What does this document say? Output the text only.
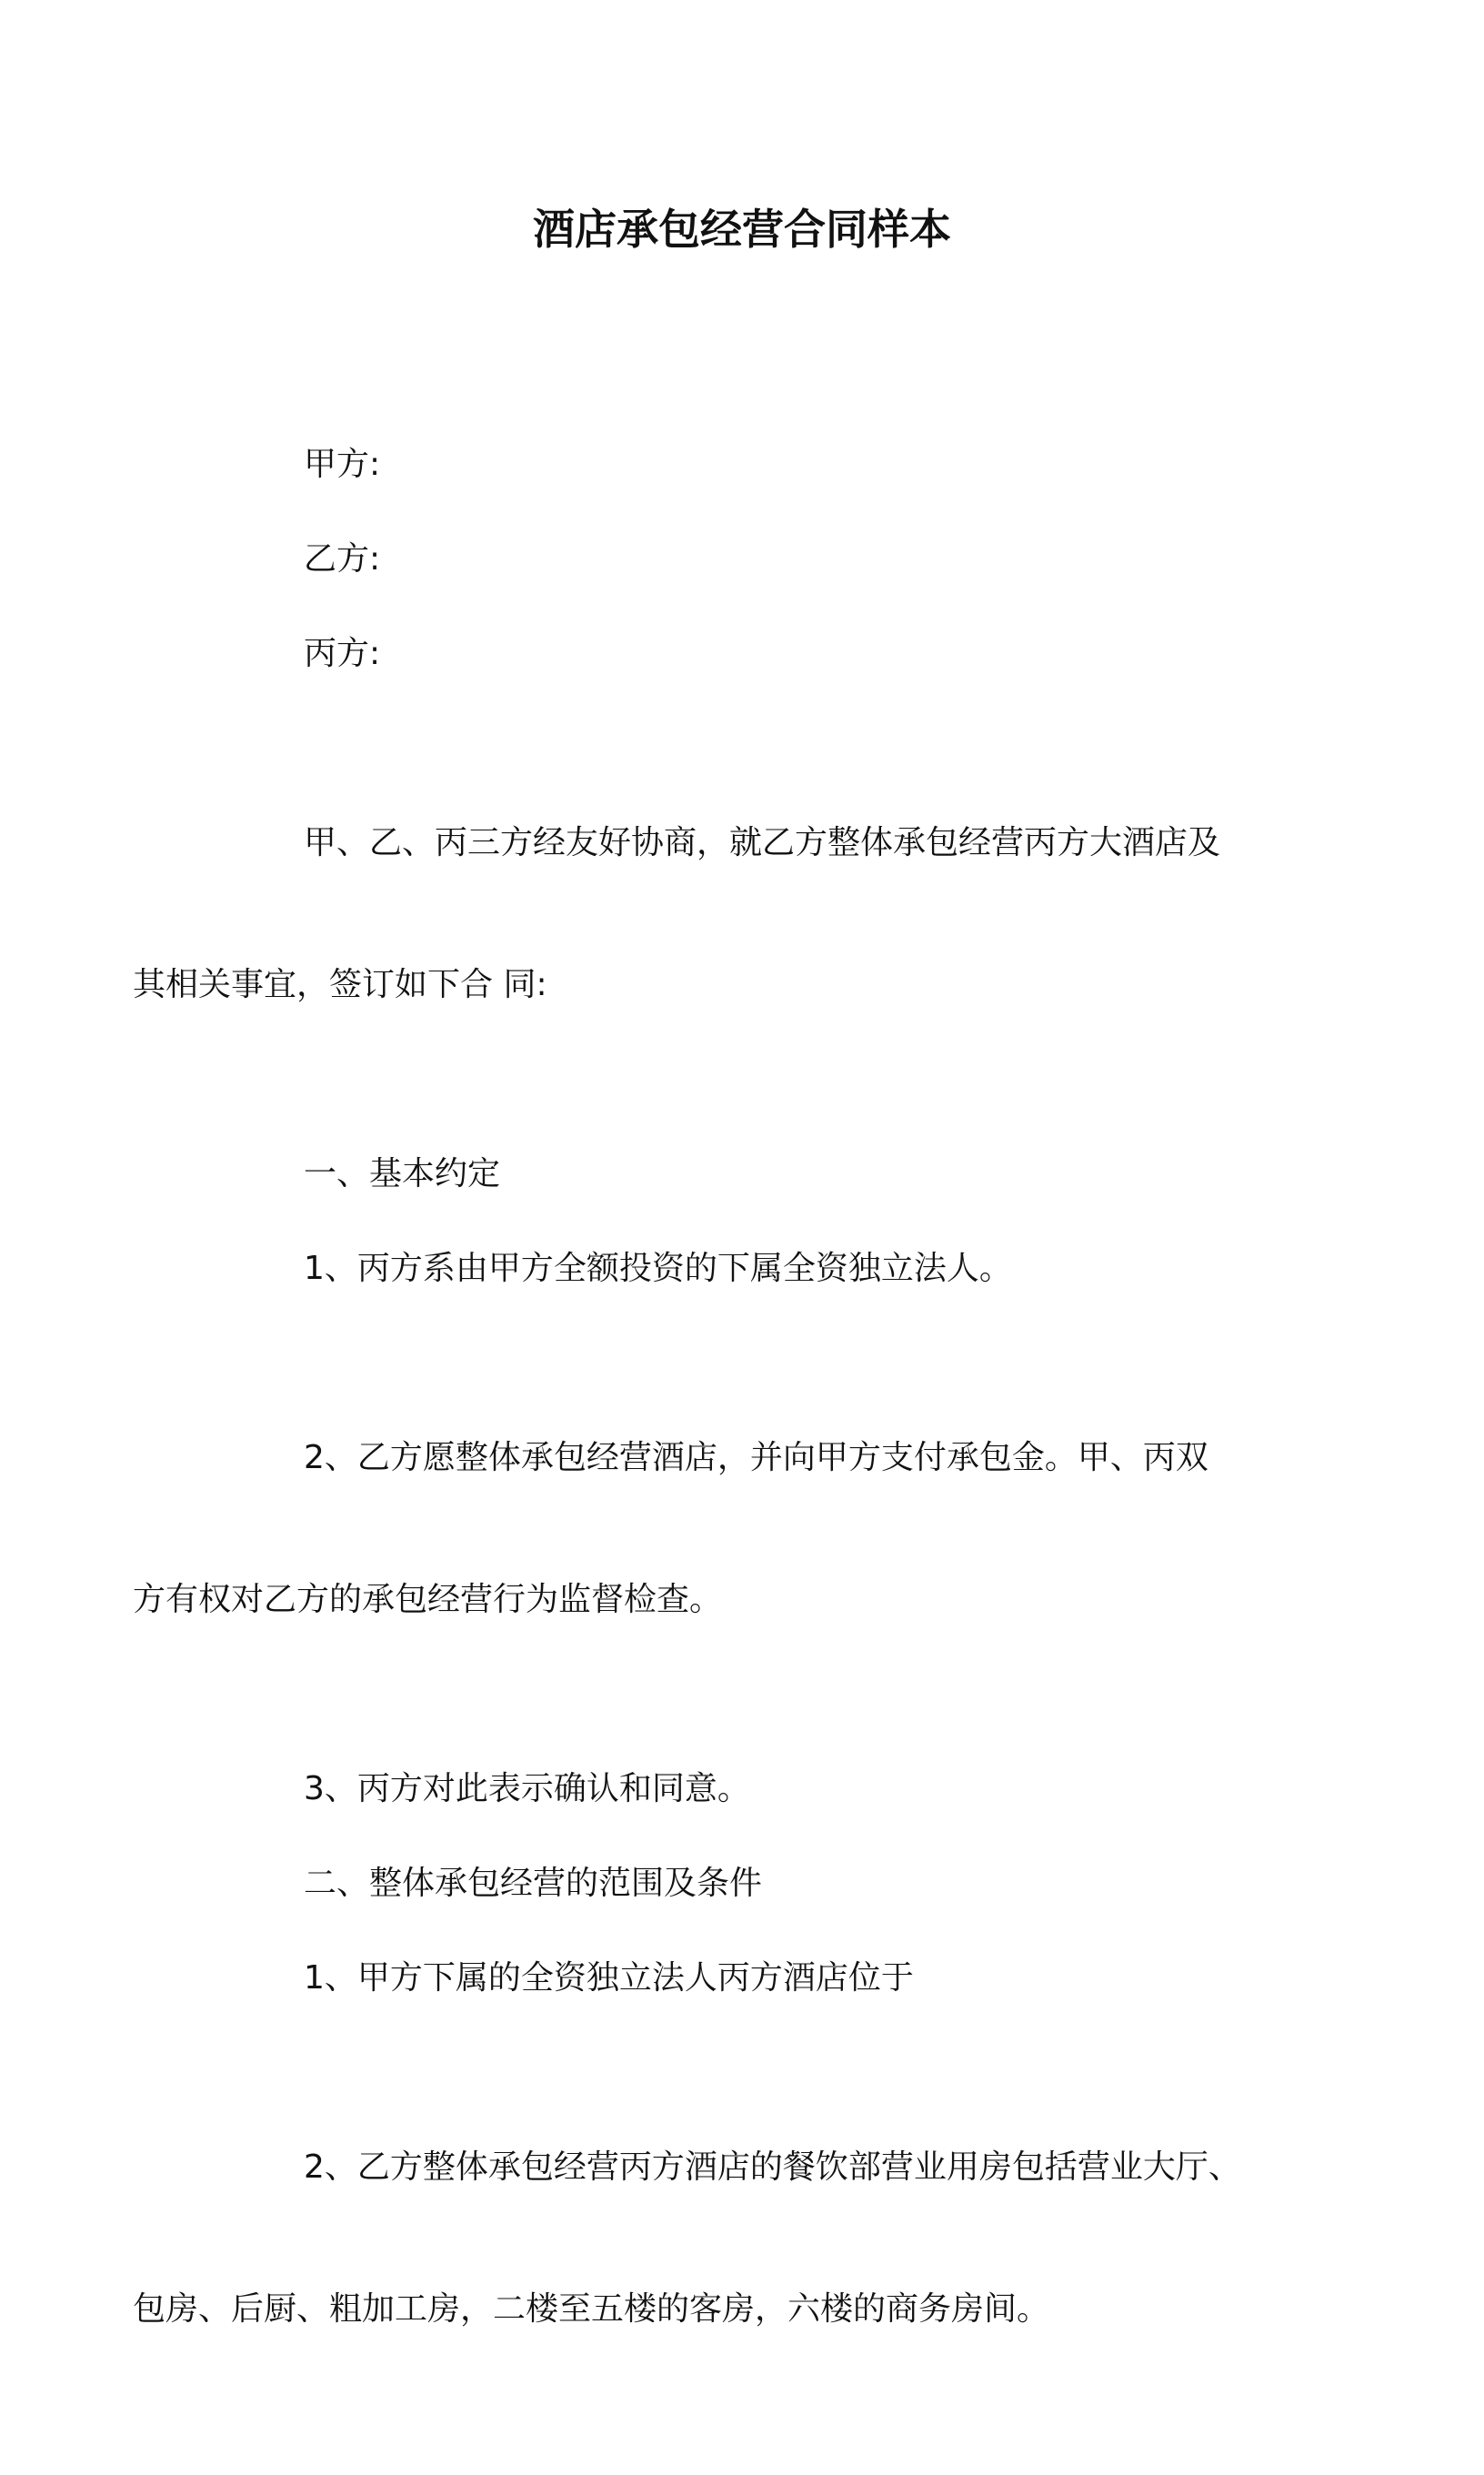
酒店承包经营合同样本
甲方:
乙方:
丙方:

甲、乙、丙三方经友好协商，就乙方整体承包经营丙方大酒店及

其相关事宜，签订如下合 同:

一、基本约定
1、丙方系由甲方全额投资的下属全资独立法人。

2、乙方愿整体承包经营酒店，并向甲方支付承包金。甲、丙双

方有权对乙方的承包经营行为监督检查。

3、丙方对此表示确认和同意。
二、整体承包经营的范围及条件
1、甲方下属的全资独立法人丙方酒店位于

2、乙方整体承包经营丙方酒店的餐饮部营业用房包括营业大厅、

包房、后厨、粗加工房，二楼至五楼的客房，六楼的商务房间。
